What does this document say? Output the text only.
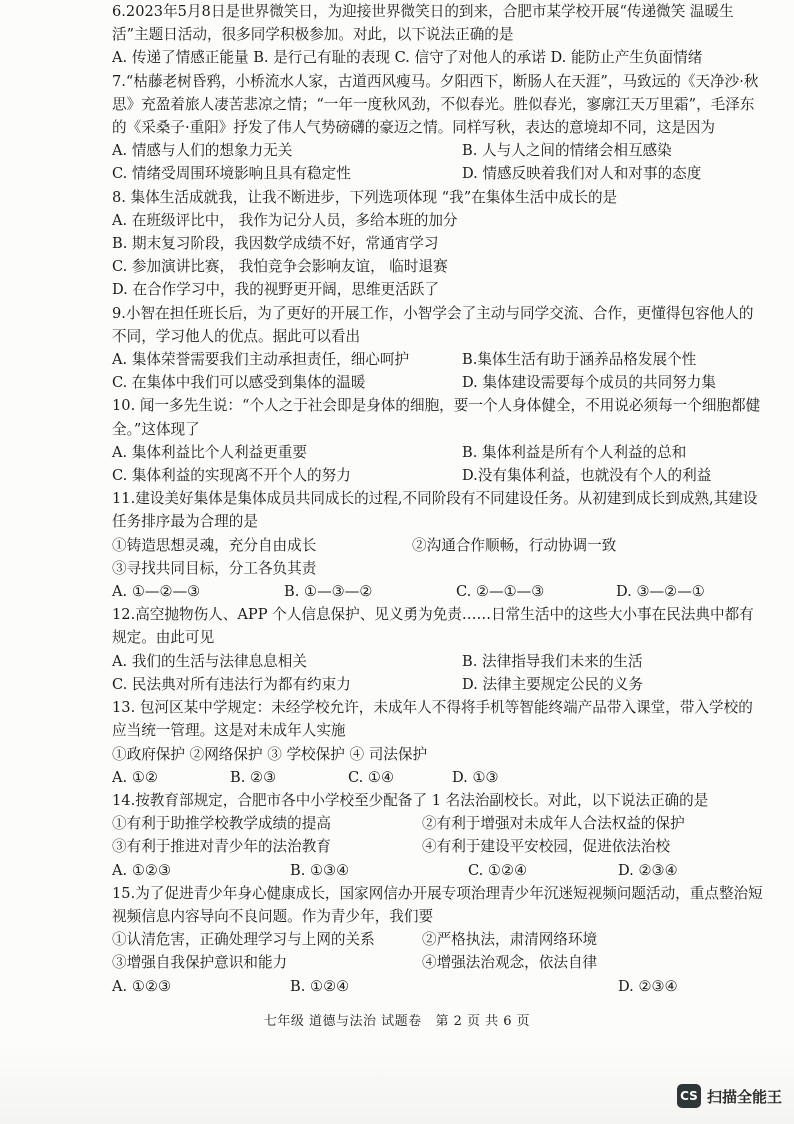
6.2023年5月8日是世界微笑日，为迎接世界微笑日的到来，合肥市某学校开展“传递微笑 温暖生活”主题日活动，很多同学积极参加。对此，以下说法正确的是

A. 传递了情感正能量 B. 是行己有耻的表现 C. 信守了对他人的承诺 D. 能防止产生负面情绪

7.“枯藤老树昏鸦，小桥流水人家，古道西风瘦马。夕阳西下，断肠人在天涯”，马致远的《天净沙·秋思》充盈着旅人凄苦悲凉之情；“一年一度秋风劲，不似春光。胜似春光，寥廓江天万里霜”，毛泽东的《采桑子·重阳》抒发了伟人气势磅礴的豪迈之情。同样写秋，表达的意境却不同，这是因为

A. 情感与人们的想象力无关	B. 人与人之间的情绪会相互感染
C. 情绪受周围环境影响且具有稳定性	D. 情感反映着我们对人和对事的态度

8. 集体生活成就我，让我不断进步，下列选项体现 “我”在集体生活中成长的是

A. 在班级评比中， 我作为记分人员，多给本班的加分
B. 期末复习阶段，我因数学成绩不好，常通宵学习
C. 参加演讲比赛， 我怕竞争会影响友谊， 临时退赛
D. 在合作学习中，我的视野更开阔，思维更活跃了

9.小智在担任班长后，为了更好的开展工作，小智学会了主动与同学交流、合作，更懂得包容他人的不同，学习他人的优点。据此可以看出

A. 集体荣誉需要我们主动承担责任，细心呵护	B.集体生活有助于涵养品格发展个性
C. 在集体中我们可以感受到集体的温暖	D. 集体建设需要每个成员的共同努力集

10. 闻一多先生说：“个人之于社会即是身体的细胞，要一个人身体健全，不用说必须每一个细胞都健全。”这体现了

A. 集体利益比个人利益更重要	B. 集体利益是所有个人利益的总和
C. 集体利益的实现离不开个人的努力	D.没有集体利益，也就没有个人的利益

11.建设美好集体是集体成员共同成长的过程,不同阶段有不同建设任务。从初建到成长到成熟,其建设任务排序最为合理的是

①铸造思想灵魂，充分自由成长	②沟通合作顺畅，行动协调一致
③寻找共同目标，分工各负其责
A. ①—②—③	B. ①—③—②	C. ②—①—③	D. ③—②—①

12.高空抛物伤人、APP 个人信息保护、见义勇为免责……日常生活中的这些大小事在民法典中都有规定。由此可见

A. 我们的生活与法律息息相关	B. 法律指导我们未来的生活
C. 民法典对所有违法行为都有约束力	D. 法律主要规定公民的义务

13. 包河区某中学规定：未经学校允许，未成年人不得将手机等智能终端产品带入课堂，带入学校的应当统一管理。这是对未成年人实施

①政府保护 ②网络保护 ③ 学校保护 ④ 司法保护
A. ①②	B. ②③	C. ①④	D. ①③

14.按教育部规定，合肥市各中小学校至少配备了 1 名法治副校长。对此，以下说法正确的是

①有利于助推学校教学成绩的提高	②有利于增强对未成年人合法权益的保护
③有利于推进对青少年的法治教育	④有利于建设平安校园，促进依法治校
A. ①②③	B. ①③④	C. ①②④	D. ②③④

15.为了促进青少年身心健康成长，国家网信办开展专项治理青少年沉迷短视频问题活动，重点整治短视频信息内容导向不良问题。作为青少年，我们要

①认清危害，正确处理学习与上网的关系	②严格执法，肃清网络环境
③增强自我保护意识和能力	④增强法治观念，依法自律
A. ①②③	B. ①②④	D. ②③④
七年级 道德与法治 试题卷   第 2 页 共 6 页
CS 扫描全能王
